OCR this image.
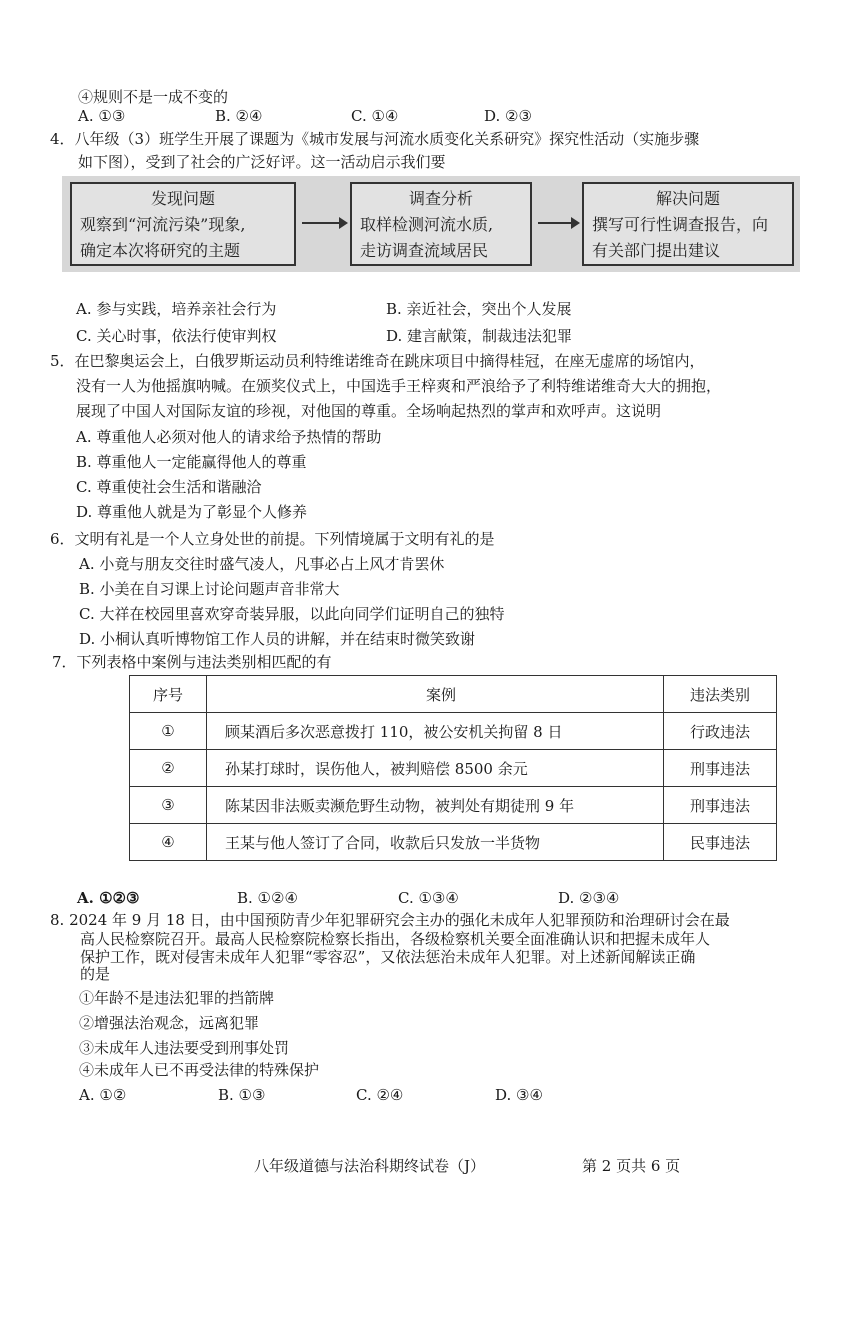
④规则不是一成不变的
A. ①③	B. ②④	C. ①④	D. ②③
4．八年级（3）班学生开展了课题为《城市发展与河流水质变化关系研究》探究性活动（实施步骤
如下图），受到了社会的广泛好评。这一活动启示我们要
发现问题
观察到“河流污染”现象,
确定本次将研究的主题
调查分析
取样检测河流水质,
走访调查流域居民
解决问题
撰写可行性调查报告，向
有关部门提出建议
A. 参与实践，培养亲社会行为	B. 亲近社会，突出个人发展
C. 关心时事，依法行使审判权	D. 建言献策，制裁违法犯罪
5．在巴黎奥运会上，白俄罗斯运动员利特维诺维奇在跳床项目中摘得桂冠，在座无虚席的场馆内，
没有一人为他摇旗呐喊。在颁奖仪式上，中国选手王梓爽和严浪给予了利特维诺维奇大大的拥抱，
展现了中国人对国际友谊的珍视，对他国的尊重。全场响起热烈的掌声和欢呼声。这说明
A. 尊重他人必须对他人的请求给予热情的帮助
B. 尊重他人一定能赢得他人的尊重
C. 尊重使社会生活和谐融洽
D. 尊重他人就是为了彰显个人修养
6．文明有礼是一个人立身处世的前提。下列情境属于文明有礼的是
A. 小竟与朋友交往时盛气凌人，凡事必占上风才肯罢休
B. 小美在自习课上讨论问题声音非常大
C. 大祥在校园里喜欢穿奇装异服，以此向同学们证明自己的独特
D. 小桐认真听博物馆工作人员的讲解，并在结束时微笑致谢
7．下列表格中案例与违法类别相匹配的有
序号	案例	违法类别
①	顾某酒后多次恶意拨打 110，被公安机关拘留 8 日	行政违法
②	孙某打球时，误伤他人，被判赔偿 8500 余元	刑事违法
③	陈某因非法贩卖濒危野生动物，被判处有期徒刑 9 年	刑事违法
④	王某与他人签订了合同，收款后只发放一半货物	民事违法
A. ①②③	B. ①②④	C. ①③④	D. ②③④
8. 2024 年 9 月 18 日，由中国预防青少年犯罪研究会主办的强化未成年人犯罪预防和治理研讨会在最
高人民检察院召开。最高人民检察院检察长指出，各级检察机关要全面准确认识和把握未成年人
保护工作，既对侵害未成年人犯罪“零容忍”，又依法惩治未成年人犯罪。对上述新闻解读正确
的是
①年龄不是违法犯罪的挡箭牌
②增强法治观念，远离犯罪
③未成年人违法要受到刑事处罚
④未成年人已不再受法律的特殊保护
A. ①②	B. ①③	C. ②④	D. ③④
八年级道德与法治科期终试卷（J）	第 2 页共 6 页
